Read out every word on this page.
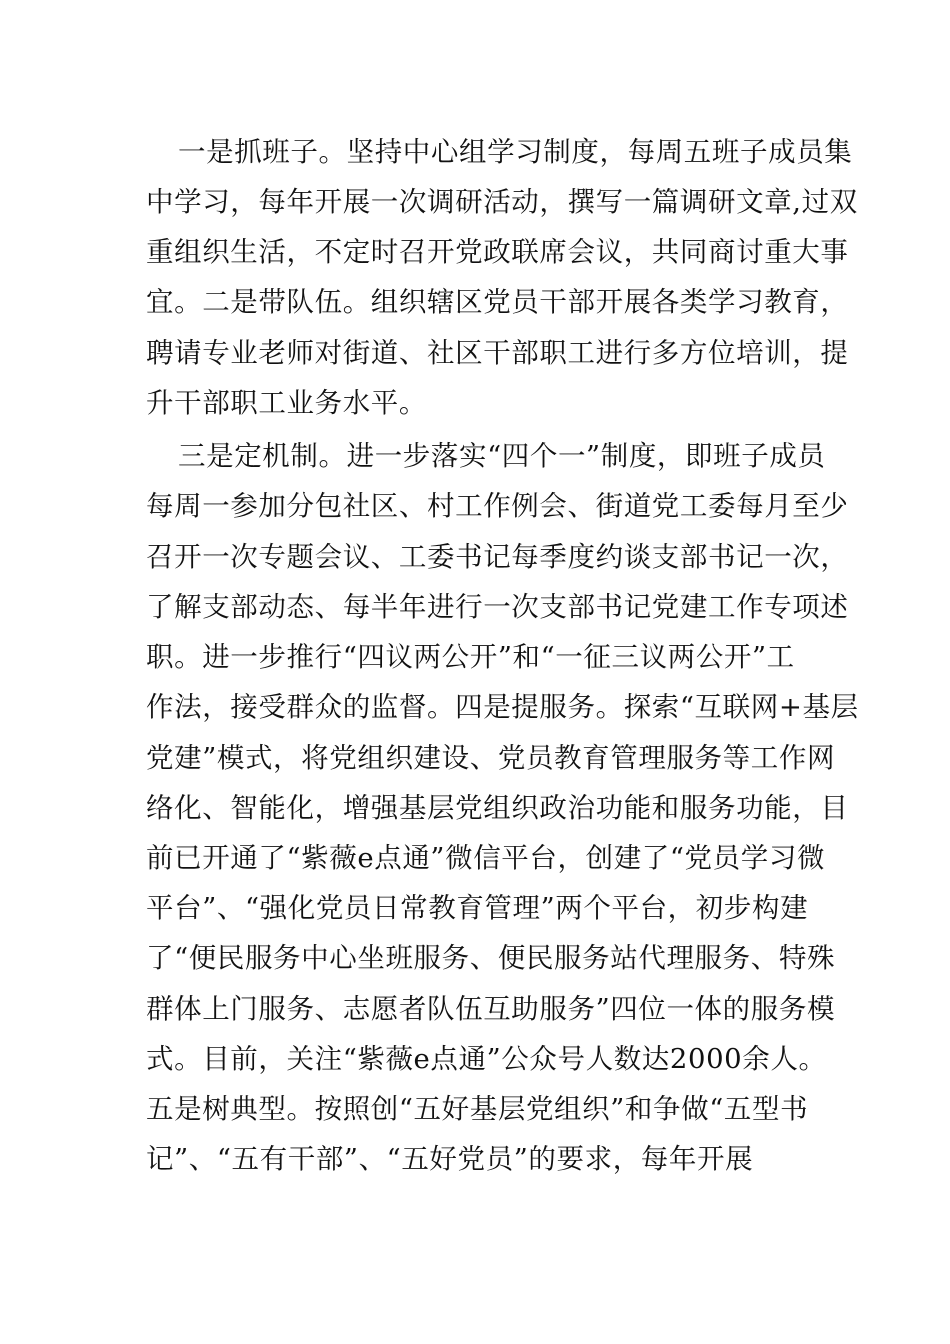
一是抓班子。坚持中心组学习制度，每周五班子成员集
中学习，每年开展一次调研活动，撰写一篇调研文章,过双
重组织生活，不定时召开党政联席会议，共同商讨重大事
宜。二是带队伍。组织辖区党员干部开展各类学习教育，
聘请专业老师对街道、社区干部职工进行多方位培训，提
升干部职工业务水平。
三是定机制。进一步落实“四个一”制度，即班子成员
每周一参加分包社区、村工作例会、街道党工委每月至少
召开一次专题会议、工委书记每季度约谈支部书记一次，
了解支部动态、每半年进行一次支部书记党建工作专项述
职。进一步推行“四议两公开”和“一征三议两公开”工
作法，接受群众的监督。四是提服务。探索“互联网+基层
党建”模式，将党组织建设、党员教育管理服务等工作网
络化、智能化，增强基层党组织政治功能和服务功能，目
前已开通了“紫薇e点通”微信平台，创建了“党员学习微
平台”、“强化党员日常教育管理”两个平台，初步构建
了“便民服务中心坐班服务、便民服务站代理服务、特殊
群体上门服务、志愿者队伍互助服务”四位一体的服务模
式。目前，关注“紫薇e点通”公众号人数达2000余人。
五是树典型。按照创“五好基层党组织”和争做“五型书
记”、“五有干部”、“五好党员”的要求，每年开展
